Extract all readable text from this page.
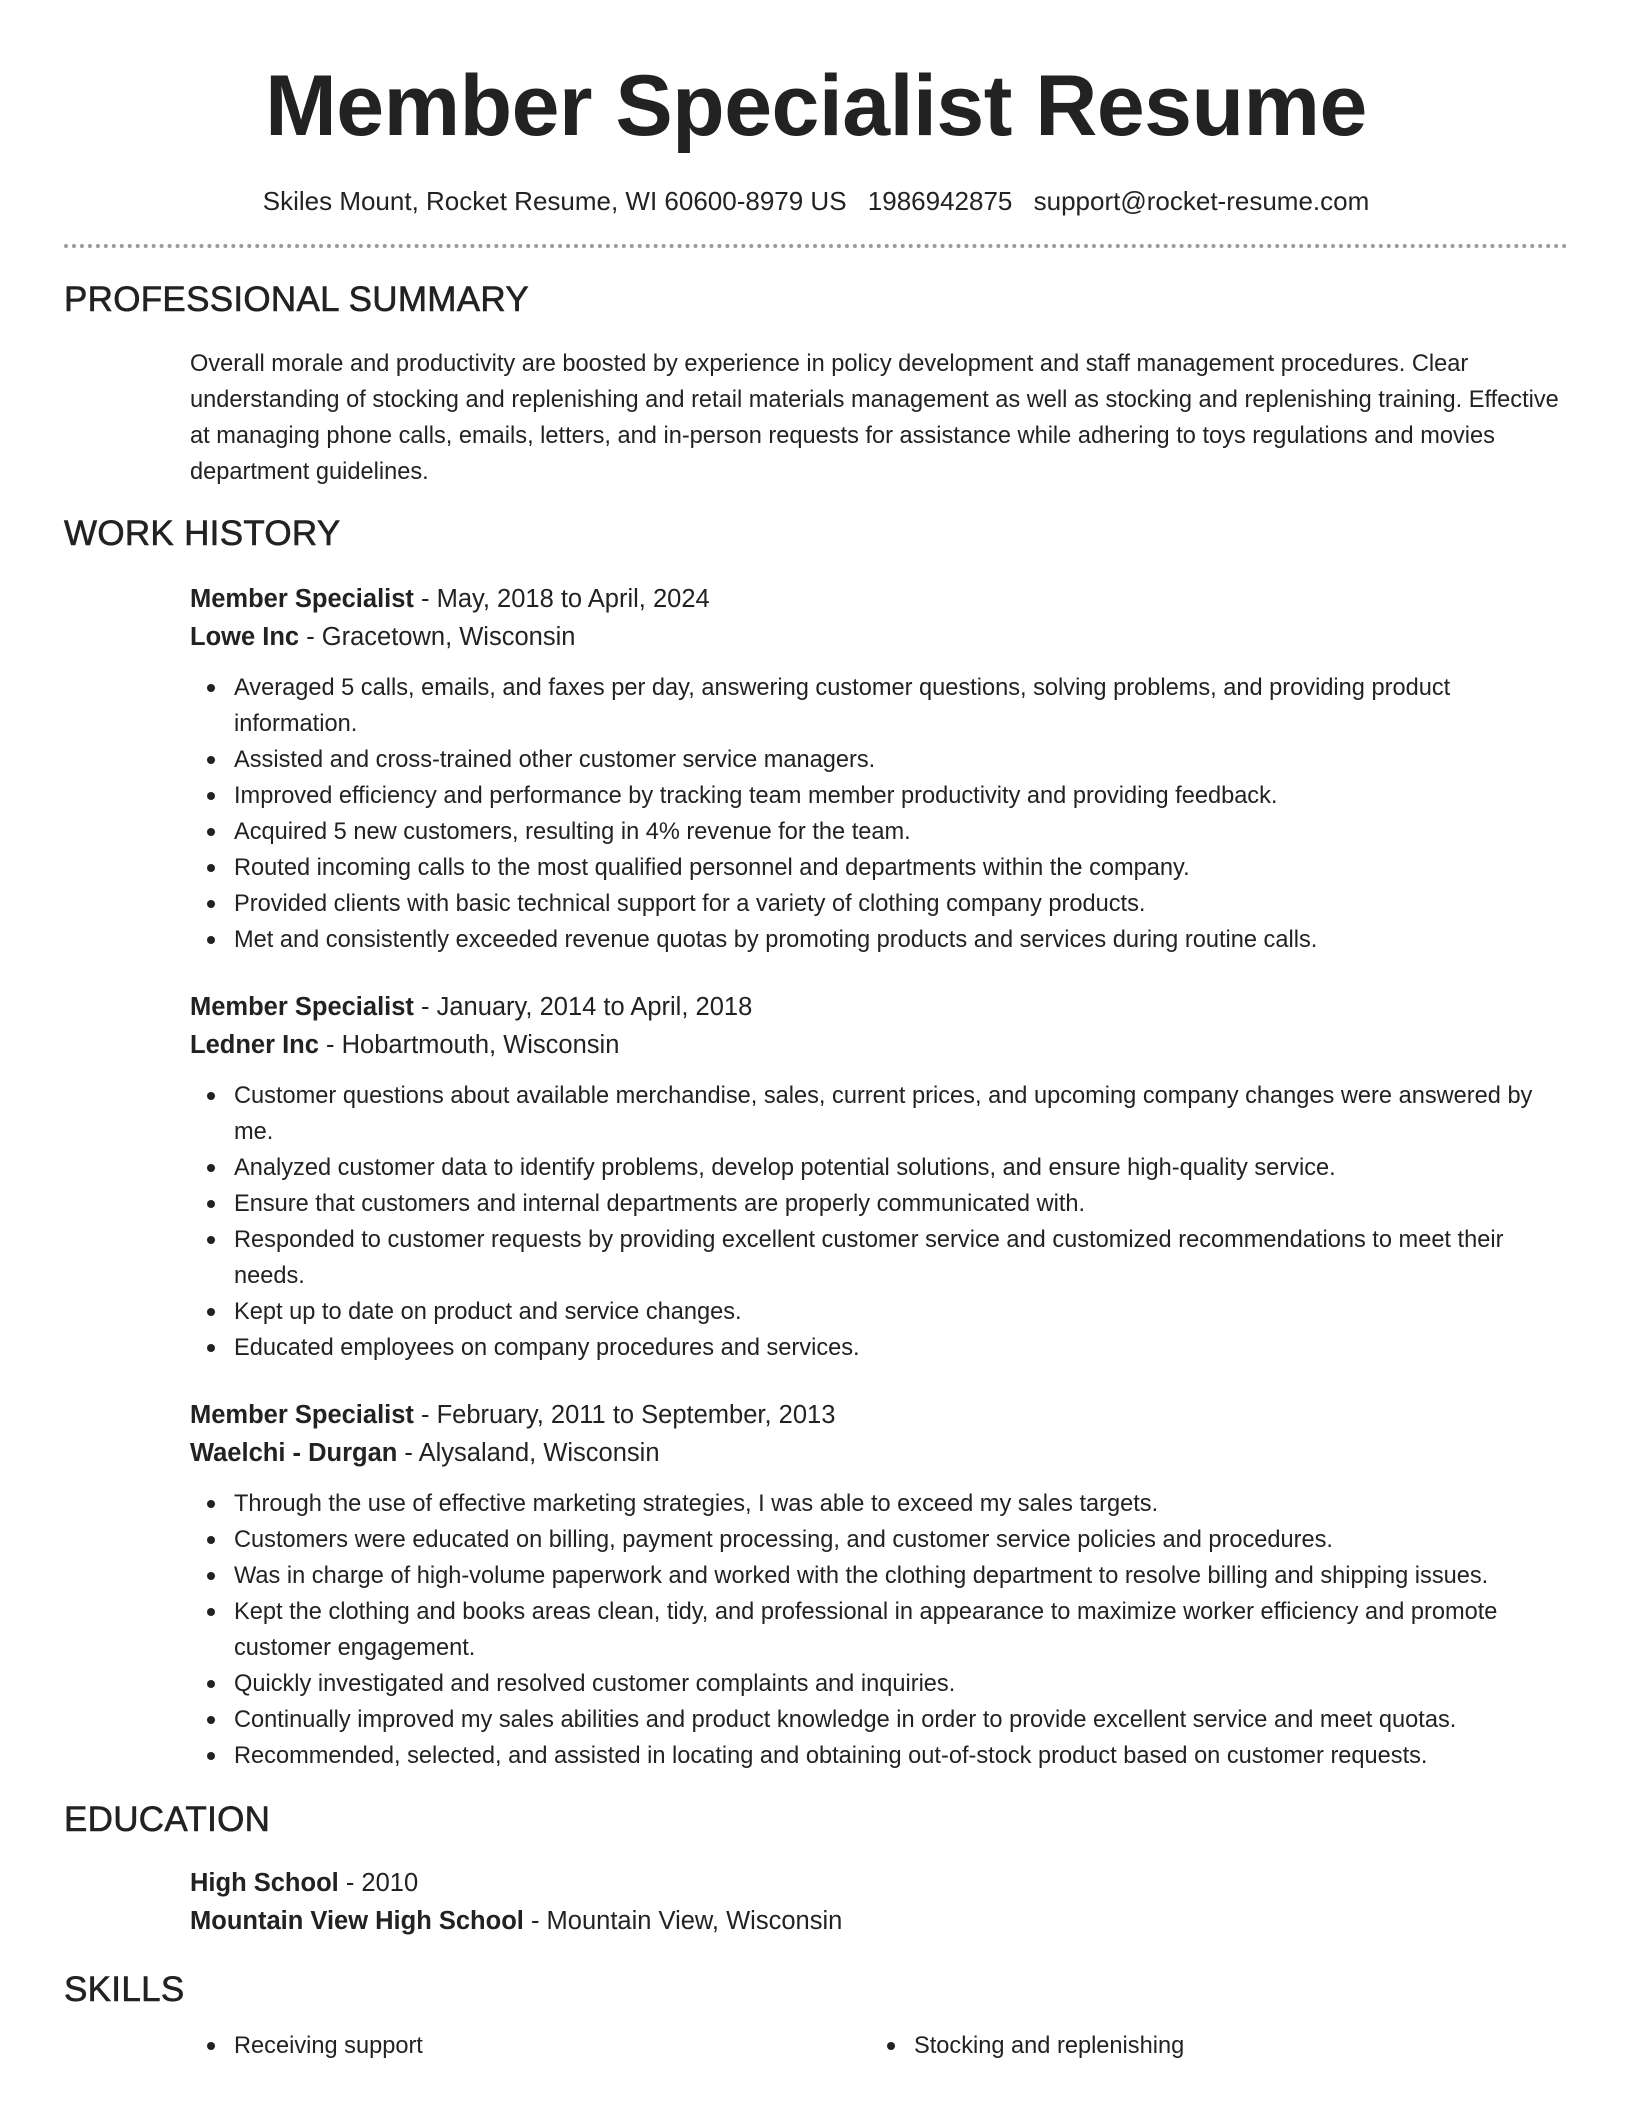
Member Specialist Resume
Skiles Mount, Rocket Resume, WI 60600-8979 US 1986942875 support@rocket-resume.com
PROFESSIONAL SUMMARY
Overall morale and productivity are boosted by experience in policy development and staff management procedures. Clear understanding of stocking and replenishing and retail materials management as well as stocking and replenishing training. Effective at managing phone calls, emails, letters, and in-person requests for assistance while adhering to toys regulations and movies department guidelines.
WORK HISTORY
Member Specialist - May, 2018 to April, 2024
Lowe Inc - Gracetown, Wisconsin
Averaged 5 calls, emails, and faxes per day, answering customer questions, solving problems, and providing product information.
Assisted and cross-trained other customer service managers.
Improved efficiency and performance by tracking team member productivity and providing feedback.
Acquired 5 new customers, resulting in 4% revenue for the team.
Routed incoming calls to the most qualified personnel and departments within the company.
Provided clients with basic technical support for a variety of clothing company products.
Met and consistently exceeded revenue quotas by promoting products and services during routine calls.
Member Specialist - January, 2014 to April, 2018
Ledner Inc - Hobartmouth, Wisconsin
Customer questions about available merchandise, sales, current prices, and upcoming company changes were answered by me.
Analyzed customer data to identify problems, develop potential solutions, and ensure high-quality service.
Ensure that customers and internal departments are properly communicated with.
Responded to customer requests by providing excellent customer service and customized recommendations to meet their needs.
Kept up to date on product and service changes.
Educated employees on company procedures and services.
Member Specialist - February, 2011 to September, 2013
Waelchi - Durgan - Alysaland, Wisconsin
Through the use of effective marketing strategies, I was able to exceed my sales targets.
Customers were educated on billing, payment processing, and customer service policies and procedures.
Was in charge of high-volume paperwork and worked with the clothing department to resolve billing and shipping issues.
Kept the clothing and books areas clean, tidy, and professional in appearance to maximize worker efficiency and promote customer engagement.
Quickly investigated and resolved customer complaints and inquiries.
Continually improved my sales abilities and product knowledge in order to provide excellent service and meet quotas.
Recommended, selected, and assisted in locating and obtaining out-of-stock product based on customer requests.
EDUCATION
High School - 2010
Mountain View High School - Mountain View, Wisconsin
SKILLS
Receiving support	Stocking and replenishing
